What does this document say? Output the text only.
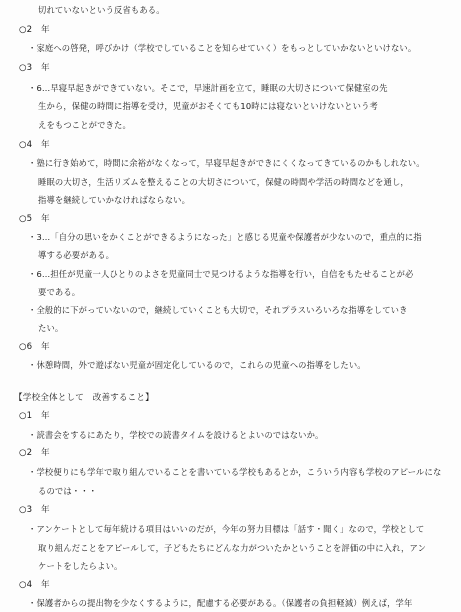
切れていないという反省もある。
○2　年
・家庭への啓発，呼びかけ（学校でしていることを知らせていく）をもっとしていかないといけない。
○3　年
・6…早寝早起きができていない。そこで，早速計画を立て，睡眠の大切さについて保健室の先
生から，保健の時間に指導を受け，児童がおそくても10時には寝ないといけないという考
えをもつことができた。
○4　年
・塾に行き始めて，時間に余裕がなくなって，早寝早起きができにくくなってきているのかもしれない。
睡眠の大切さ，生活リズムを整えることの大切さについて，保健の時間や学活の時間などを通し，
指導を継続していかなければならない。
○5　年
・3…「自分の思いをかくことができるようになった」と感じる児童や保護者が少ないので，重点的に指
導する必要がある。
・6…担任が児童一人ひとりのよさを児童同士で見つけるような指導を行い，自信をもたせることが必
要である。
・全般的に下がっていないので，継続していくことも大切で，それプラスいろいろな指導をしていき
たい。
○6　年
・休憩時間，外で遊ばない児童が固定化しているので，これらの児童への指導をしたい。
【学校全体として　改善すること】
○1　年
・読書会をするにあたり，学校での読書タイムを設けるとよいのではないか。
○2　年
・学校便りにも学年で取り組んでいることを書いている学校もあるとか，こういう内容も学校のアピールにな
るのでは・・・
○3　年
・アンケートとして毎年続ける項目はいいのだが，今年の努力目標は「話す・聞く」なので，学校として
取り組んだことをアピールして，子どもたちにどんな力がついたかということを評価の中に入れ，アン
ケートをしたらよい。
○4　年
・保護者からの提出物を少なくするように，配慮する必要がある。（保護者の負担軽減）例えば，学年
